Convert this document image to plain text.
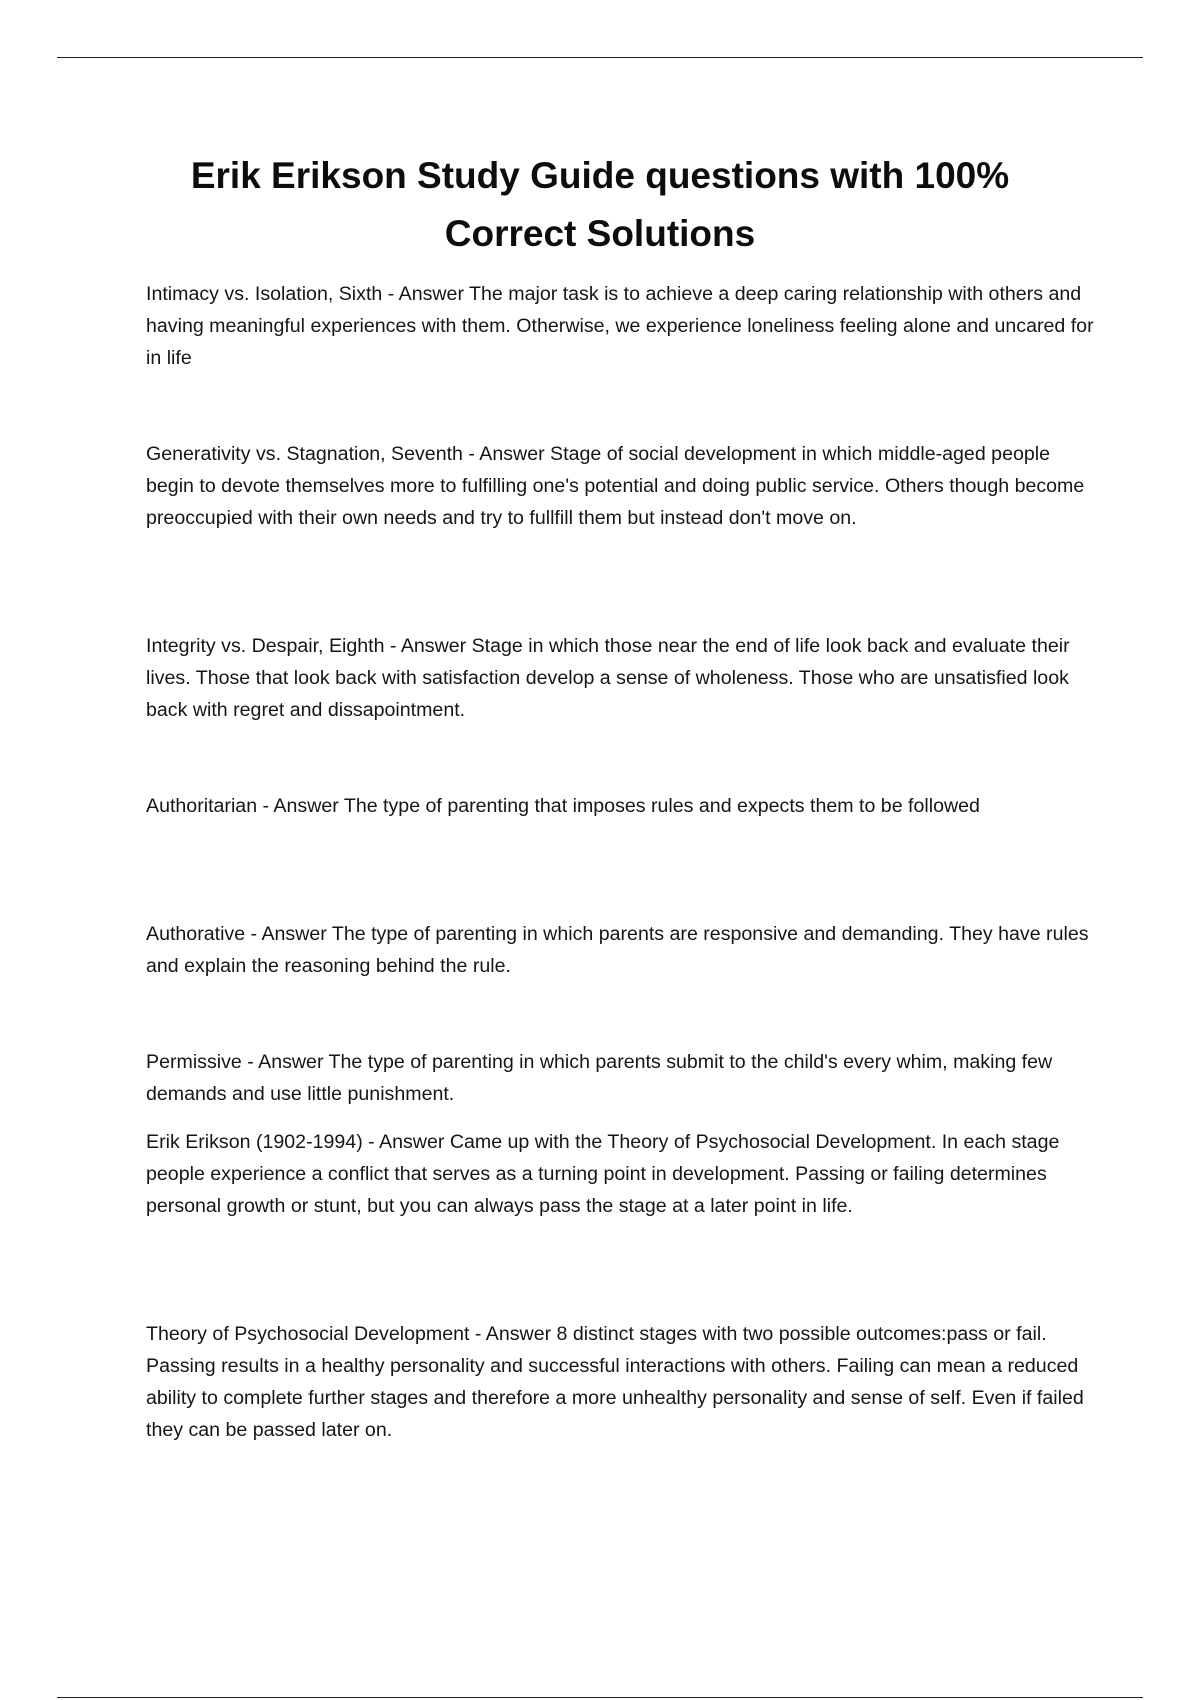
Erik Erikson Study Guide questions with 100% Correct Solutions

Intimacy vs. Isolation, Sixth - Answer The major task is to achieve a deep caring relationship with others and having meaningful experiences with them. Otherwise, we experience loneliness feeling alone and uncared for in life

Generativity vs. Stagnation, Seventh - Answer Stage of social development in which middle-aged people begin to devote themselves more to fulfilling one's potential and doing public service. Others though become preoccupied with their own needs and try to fullfill them but instead don't move on.

Integrity vs. Despair, Eighth - Answer Stage in which those near the end of life look back and evaluate their lives. Those that look back with satisfaction develop a sense of wholeness. Those who are unsatisfied look back with regret and dissapointment.

Authoritarian - Answer The type of parenting that imposes rules and expects them to be followed

Authorative - Answer The type of parenting in which parents are responsive and demanding. They have rules and explain the reasoning behind the rule.

Permissive - Answer The type of parenting in which parents submit to the child's every whim, making few demands and use little punishment.

Erik Erikson (1902-1994) - Answer Came up with the Theory of Psychosocial Development. In each stage people experience a conflict that serves as a turning point in development. Passing or failing determines personal growth or stunt, but you can always pass the stage at a later point in life.

Theory of Psychosocial Development - Answer 8 distinct stages with two possible outcomes:pass or fail. Passing results in a healthy personality and successful interactions with others. Failing can mean a reduced ability to complete further stages and therefore a more unhealthy personality and sense of self. Even if failed they can be passed later on.
